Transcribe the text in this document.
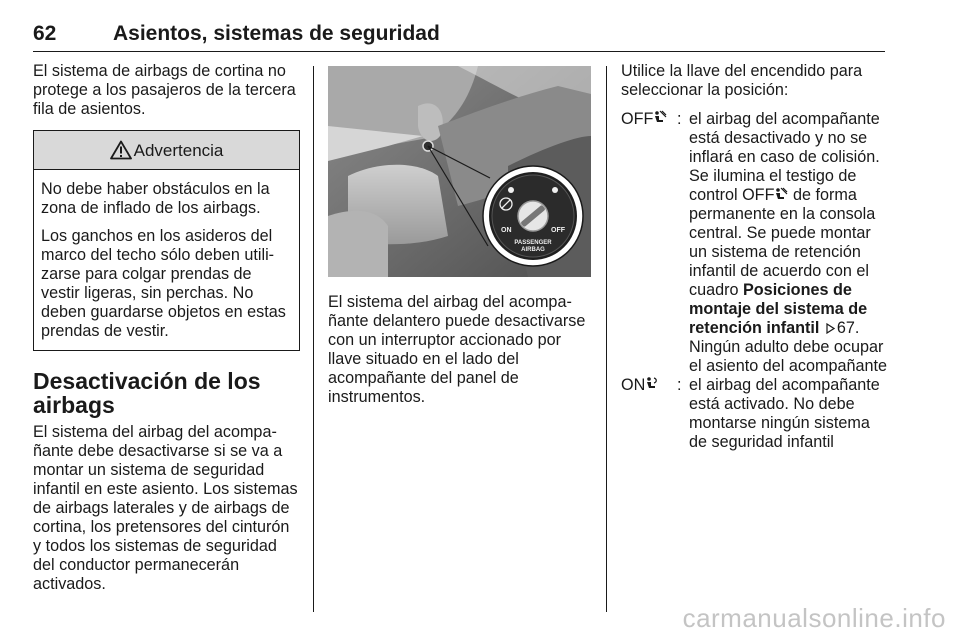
62	Asientos, sistemas de seguridad

El sistema de airbags de cortina no protege a los pasajeros de la tercera fila de asientos.

Advertencia

No debe haber obstáculos en la zona de inflado de los airbags.

Los ganchos en los asideros del marco del techo sólo deben utili- zarse para colgar prendas de vestir ligeras, sin perchas. No deben guardarse objetos en estas prendas de vestir.

Desactivación de los airbags

El sistema del airbag del acompa- ñante debe desactivarse si se va a montar un sistema de seguridad infantil en este asiento. Los sistemas de airbags laterales y de airbags de cortina, los pretensores del cinturón y todos los sistemas de seguridad del conductor permanecerán activados.

ON	OFF
PASSENGER
AIRBAG

El sistema del airbag del acompa- ñante delantero puede desactivarse con un interruptor accionado por llave situado en el lado del acompañante del panel de instrumentos.

Utilice la llave del encendido para seleccionar la posición:

OFF : el airbag del acompañante está desactivado y no se inflará en caso de colisión. Se ilumina el testigo de control OFF de forma permanente en la consola central. Se puede montar un sistema de retención infantil de acuerdo con el cuadro Posiciones de montaje del sistema de retención infantil 67.
Ningún adulto debe ocupar el asiento del acompañante
ON : el airbag del acompañante está activado. No debe montarse ningún sistema de seguridad infantil
carmanualsonline.info
